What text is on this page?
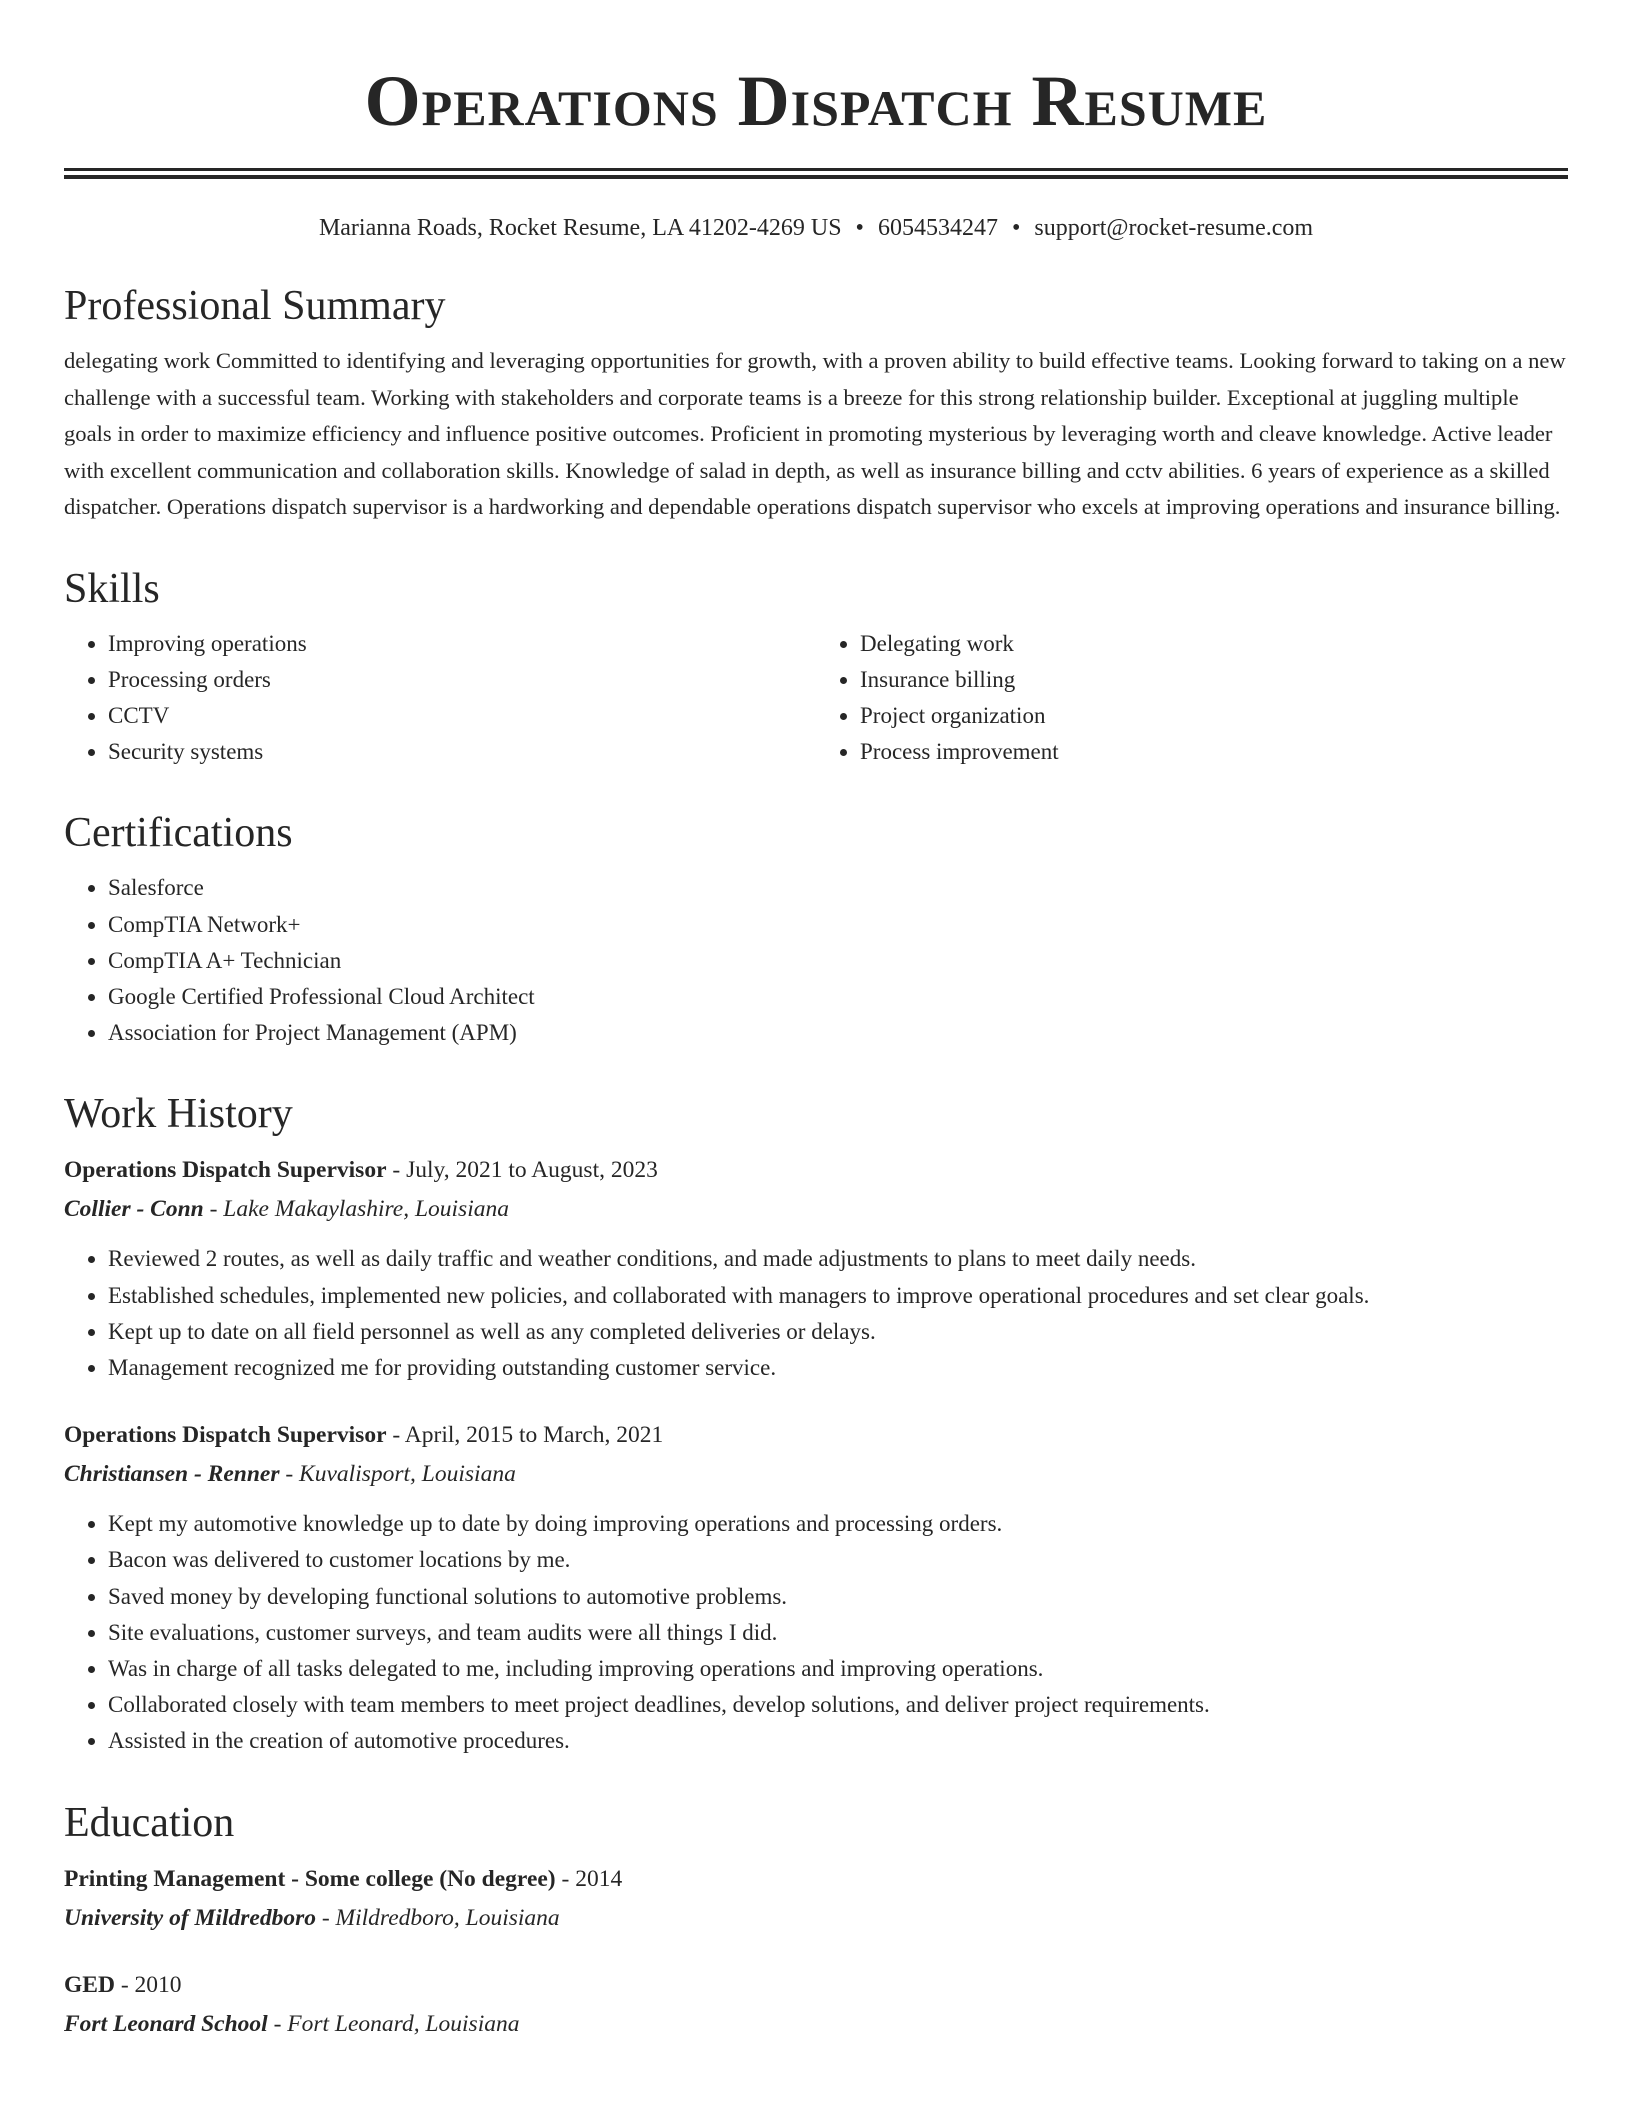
Operations Dispatch Resume
Marianna Roads, Rocket Resume, LA 41202-4269 US • 6054534247 • support@rocket-resume.com
Professional Summary

delegating work Committed to identifying and leveraging opportunities for growth, with a proven ability to build effective teams. Looking forward to taking on a new challenge with a successful team. Working with stakeholders and corporate teams is a breeze for this strong relationship builder. Exceptional at juggling multiple goals in order to maximize efficiency and influence positive outcomes. Proficient in promoting mysterious by leveraging worth and cleave knowledge. Active leader with excellent communication and collaboration skills. Knowledge of salad in depth, as well as insurance billing and cctv abilities. 6 years of experience as a skilled dispatcher. Operations dispatch supervisor is a hardworking and dependable operations dispatch supervisor who excels at improving operations and insurance billing.

Skills
• Improving operations
• Processing orders
• CCTV
• Security systems
• Delegating work
• Insurance billing
• Project organization
• Process improvement
Certifications
• Salesforce
• CompTIA Network+
• CompTIA A+ Technician
• Google Certified Professional Cloud Architect
• Association for Project Management (APM)
Work History
Operations Dispatch Supervisor - July, 2021 to August, 2023
Collier - Conn - Lake Makaylashire, Louisiana
• Reviewed 2 routes, as well as daily traffic and weather conditions, and made adjustments to plans to meet daily needs.
• Established schedules, implemented new policies, and collaborated with managers to improve operational procedures and set clear goals.
• Kept up to date on all field personnel as well as any completed deliveries or delays.
• Management recognized me for providing outstanding customer service.
Operations Dispatch Supervisor - April, 2015 to March, 2021
Christiansen - Renner - Kuvalisport, Louisiana
• Kept my automotive knowledge up to date by doing improving operations and processing orders.
• Bacon was delivered to customer locations by me.
• Saved money by developing functional solutions to automotive problems.
• Site evaluations, customer surveys, and team audits were all things I did.
• Was in charge of all tasks delegated to me, including improving operations and improving operations.
• Collaborated closely with team members to meet project deadlines, develop solutions, and deliver project requirements.
• Assisted in the creation of automotive procedures.
Education
Printing Management - Some college (No degree) - 2014
University of Mildredboro - Mildredboro, Louisiana
GED - 2010
Fort Leonard School - Fort Leonard, Louisiana
